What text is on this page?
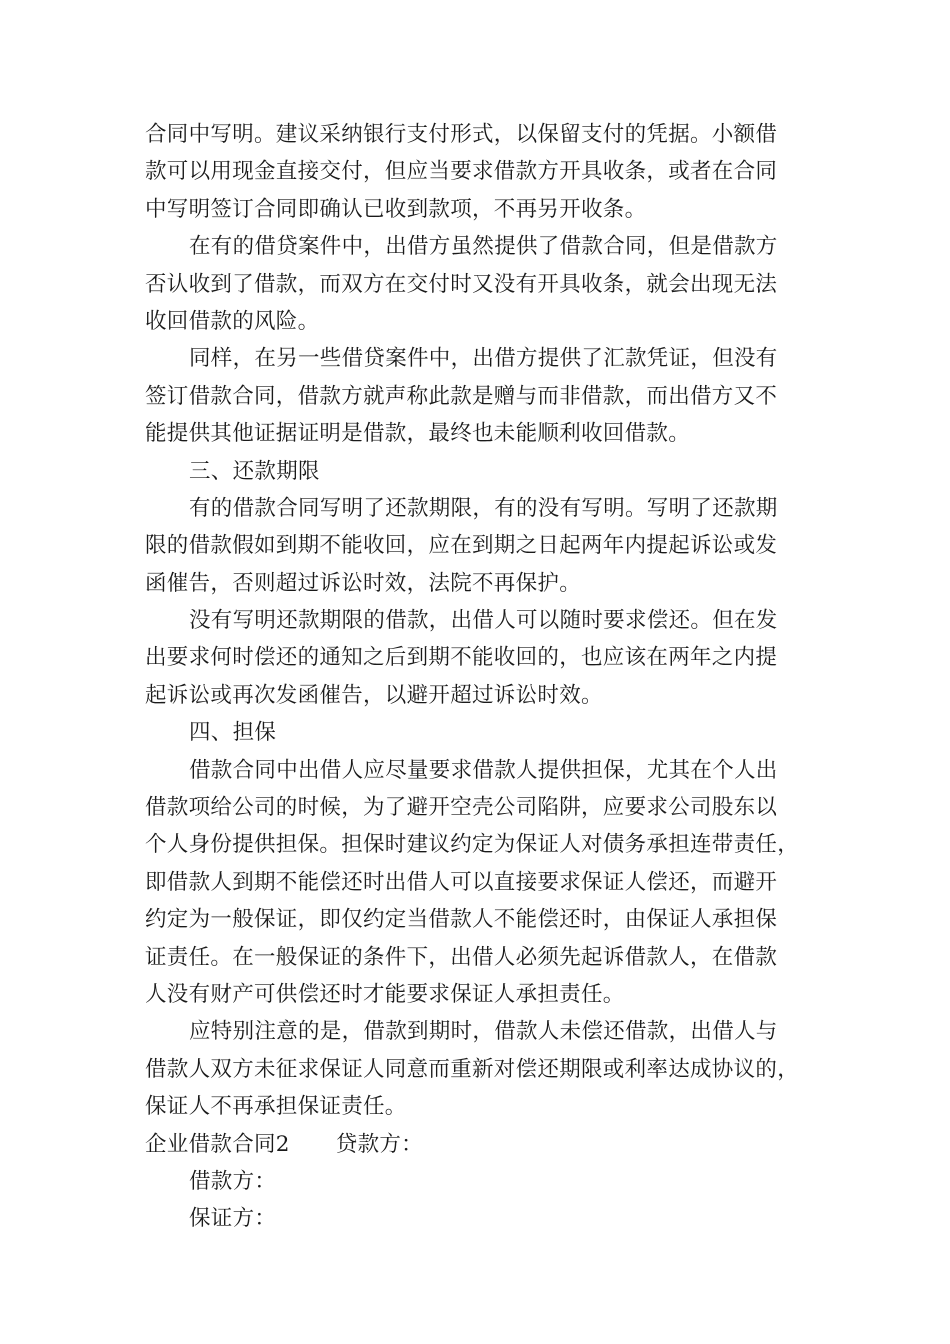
合同中写明。建议采纳银行支付形式，以保留支付的凭据。小额借
款可以用现金直接交付，但应当要求借款方开具收条，或者在合同
中写明签订合同即确认已收到款项，不再另开收条。
在有的借贷案件中，出借方虽然提供了借款合同，但是借款方
否认收到了借款，而双方在交付时又没有开具收条，就会出现无法
收回借款的风险。
同样，在另一些借贷案件中，出借方提供了汇款凭证，但没有
签订借款合同，借款方就声称此款是赠与而非借款，而出借方又不
能提供其他证据证明是借款，最终也未能顺利收回借款。
三、还款期限
有的借款合同写明了还款期限，有的没有写明。写明了还款期
限的借款假如到期不能收回，应在到期之日起两年内提起诉讼或发
函催告，否则超过诉讼时效，法院不再保护。
没有写明还款期限的借款，出借人可以随时要求偿还。但在发
出要求何时偿还的通知之后到期不能收回的，也应该在两年之内提
起诉讼或再次发函催告，以避开超过诉讼时效。
四、担保
借款合同中出借人应尽量要求借款人提供担保，尤其在个人出
借款项给公司的时候，为了避开空壳公司陷阱，应要求公司股东以
个人身份提供担保。担保时建议约定为保证人对债务承担连带责任，
即借款人到期不能偿还时出借人可以直接要求保证人偿还，而避开
约定为一般保证，即仅约定当借款人不能偿还时，由保证人承担保
证责任。在一般保证的条件下，出借人必须先起诉借款人，在借款
人没有财产可供偿还时才能要求保证人承担责任。
应特别注意的是，借款到期时，借款人未偿还借款，出借人与
借款人双方未征求保证人同意而重新对偿还期限或利率达成协议的，
保证人不再承担保证责任。
企业借款合同2 贷款方：
借款方：
保证方：
